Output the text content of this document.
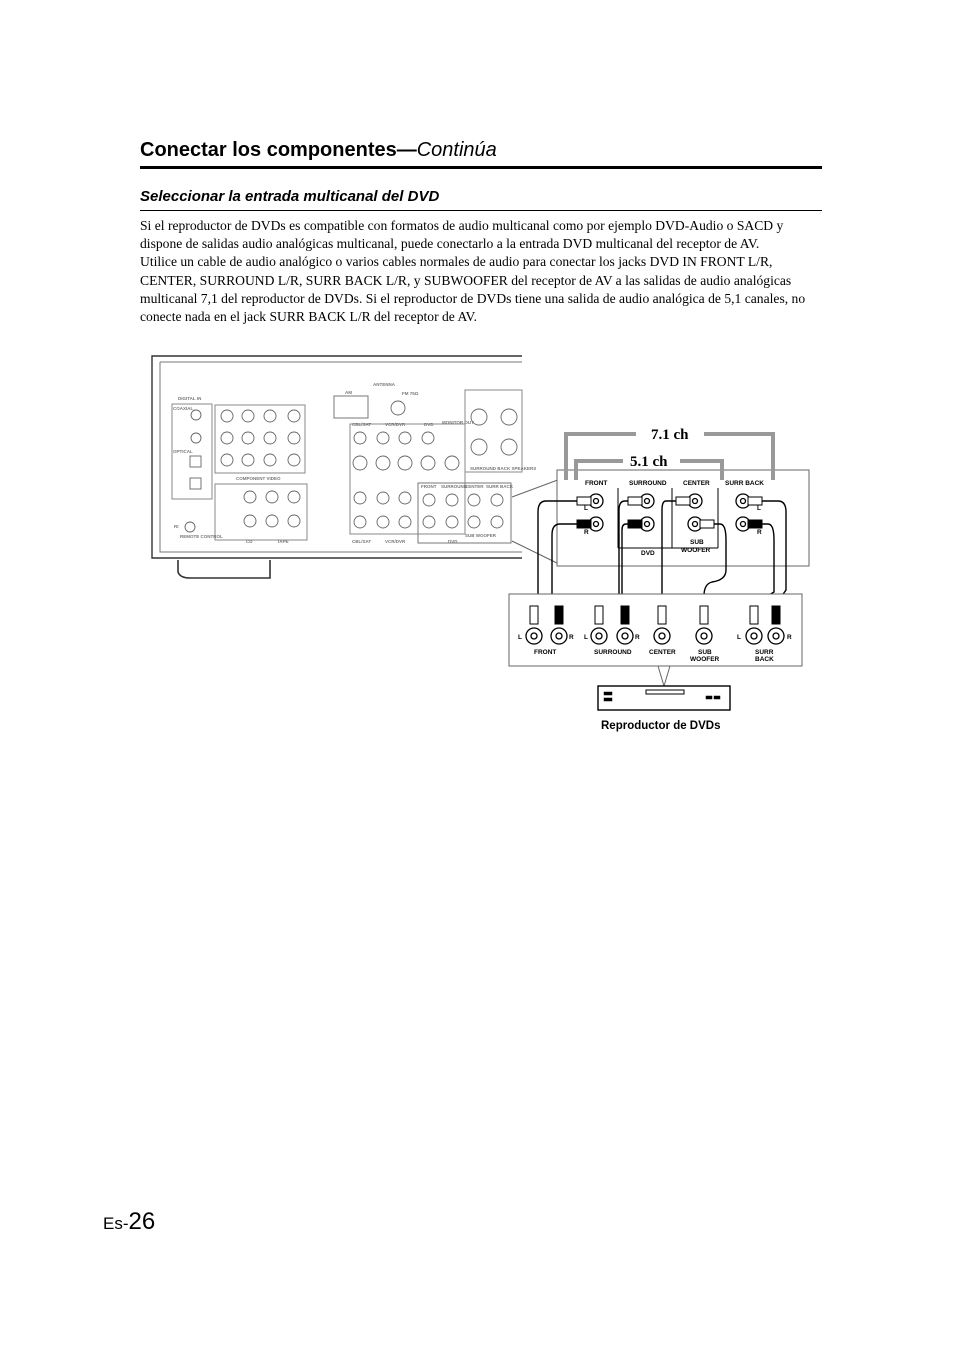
Conectar los componentes—Continúa
Seleccionar la entrada multicanal del DVD

Si el reproductor de DVDs es compatible con formatos de audio multicanal como por ejemplo DVD-Audio o SACD y dispone de salidas audio analógicas multicanal, puede conectarlo a la entrada DVD multicanal del receptor de AV.

Utilice un cable de audio analógico o varios cables normales de audio para conectar los jacks DVD IN FRONT L/R, CENTER, SURROUND L/R, SURR BACK L/R, y SUBWOOFER del receptor de AV a las salidas de audio analógicas multicanal 7,1 del reproductor de DVDs. Si el reproductor de DVDs tiene una salida de audio analógica de 5,1 canales, no conecte nada en el jack SURR BACK L/R del receptor de AV.

DIGITAL IN
COAXIAL
OPTICAL
COMPONENT VIDEO
ANTENNA
AM	FM 75Ω
CBL/SAT	VCR/DVR	DVD MONITOR OUT
CD	TAPE	CBL/SAT	VCR/DVR
RI
REMOTE CONTROL
SURROUND BACK SPEAKERS
FRONT SURROUND
CENTER SURR BACK
SUB WOOFER
DVD
7.1 ch
5.1 ch
FRONT	SURROUND	CENTER SURR BACK
L
R
L
R
SUB
WOOFER
DVD
L	R L	R	L	R
FRONT	SURROUND	CENTER	SUB
WOOFER
SURR
BACK
Reproductor de DVDs
Es-26
